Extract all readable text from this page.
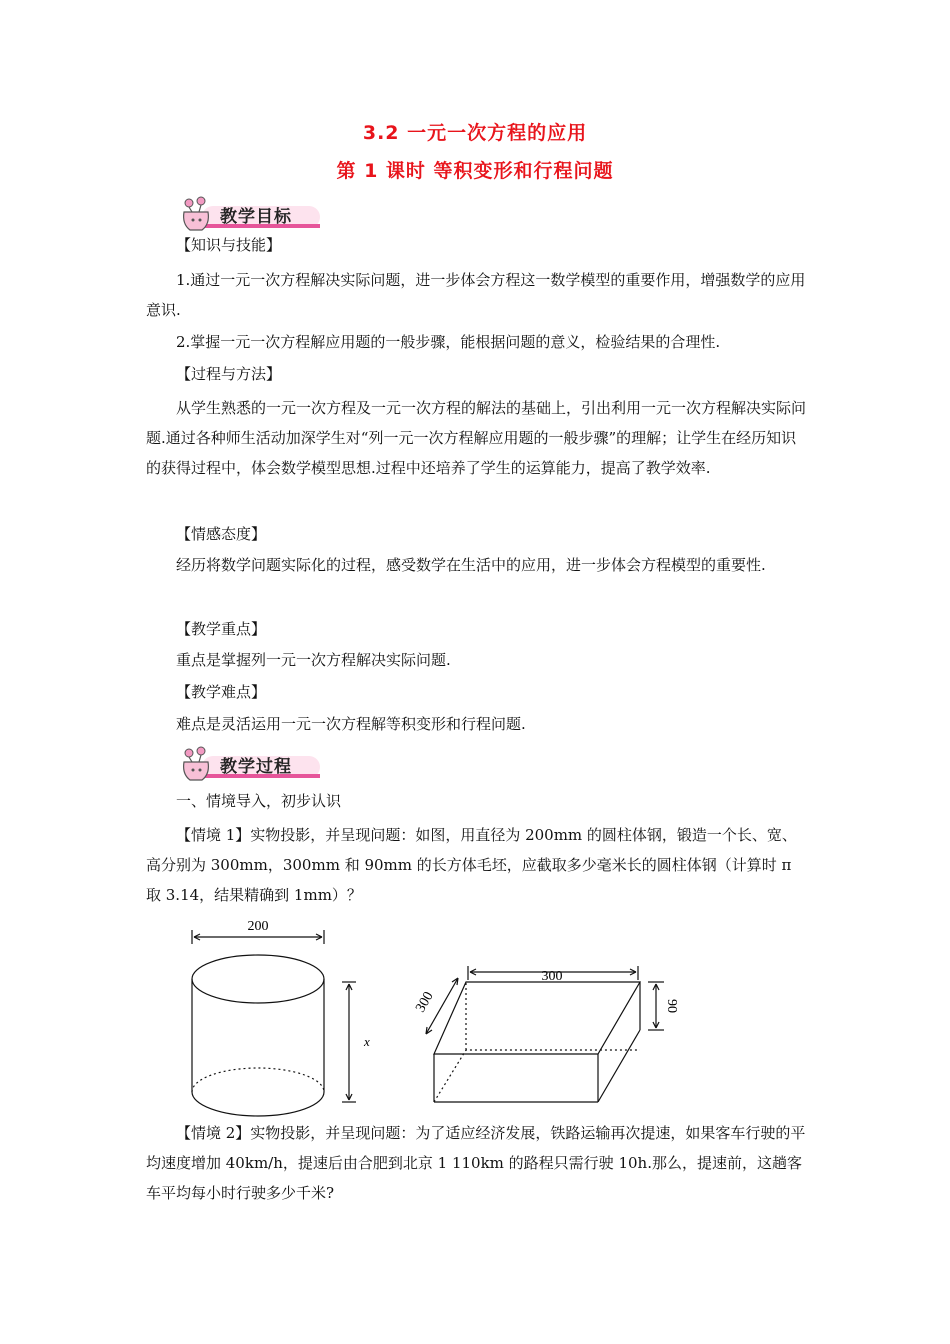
3.2 一元一次方程的应用
第 1 课时 等积变形和行程问题
教学目标

【知识与技能】

1.通过一元一次方程解决实际问题，进一步体会方程这一数学模型的重要作用，增强数学的应用意识.

2.掌握一元一次方程解应用题的一般步骤，能根据问题的意义，检验结果的合理性.

【过程与方法】

从学生熟悉的一元一次方程及一元一次方程的解法的基础上，引出利用一元一次方程解决实际问题.通过各种师生活动加深学生对“列一元一次方程解应用题的一般步骤”的理解；让学生在经历知识的获得过程中，体会数学模型思想.过程中还培养了学生的运算能力，提高了教学效率.

【情感态度】

经历将数学问题实际化的过程，感受数学在生活中的应用，进一步体会方程模型的重要性.

【教学重点】

重点是掌握列一元一次方程解决实际问题.

【教学难点】

难点是灵活运用一元一次方程解等积变形和行程问题.

教学过程

一、情境导入，初步认识

【情境 1】实物投影，并呈现问题：如图，用直径为 200mm 的圆柱体钢，锻造一个长、宽、高分别为 300mm，300mm 和 90mm 的长方体毛坯，应截取多少毫米长的圆柱体钢（计算时 π 取 3.14，结果精确到 1mm）？

200
x
300
300	90

【情境 2】实物投影，并呈现问题：为了适应经济发展，铁路运输再次提速，如果客车行驶的平均速度增加 40km/h，提速后由合肥到北京 1 110km 的路程只需行驶 10h.那么，提速前，这趟客车平均每小时行驶多少千米?
